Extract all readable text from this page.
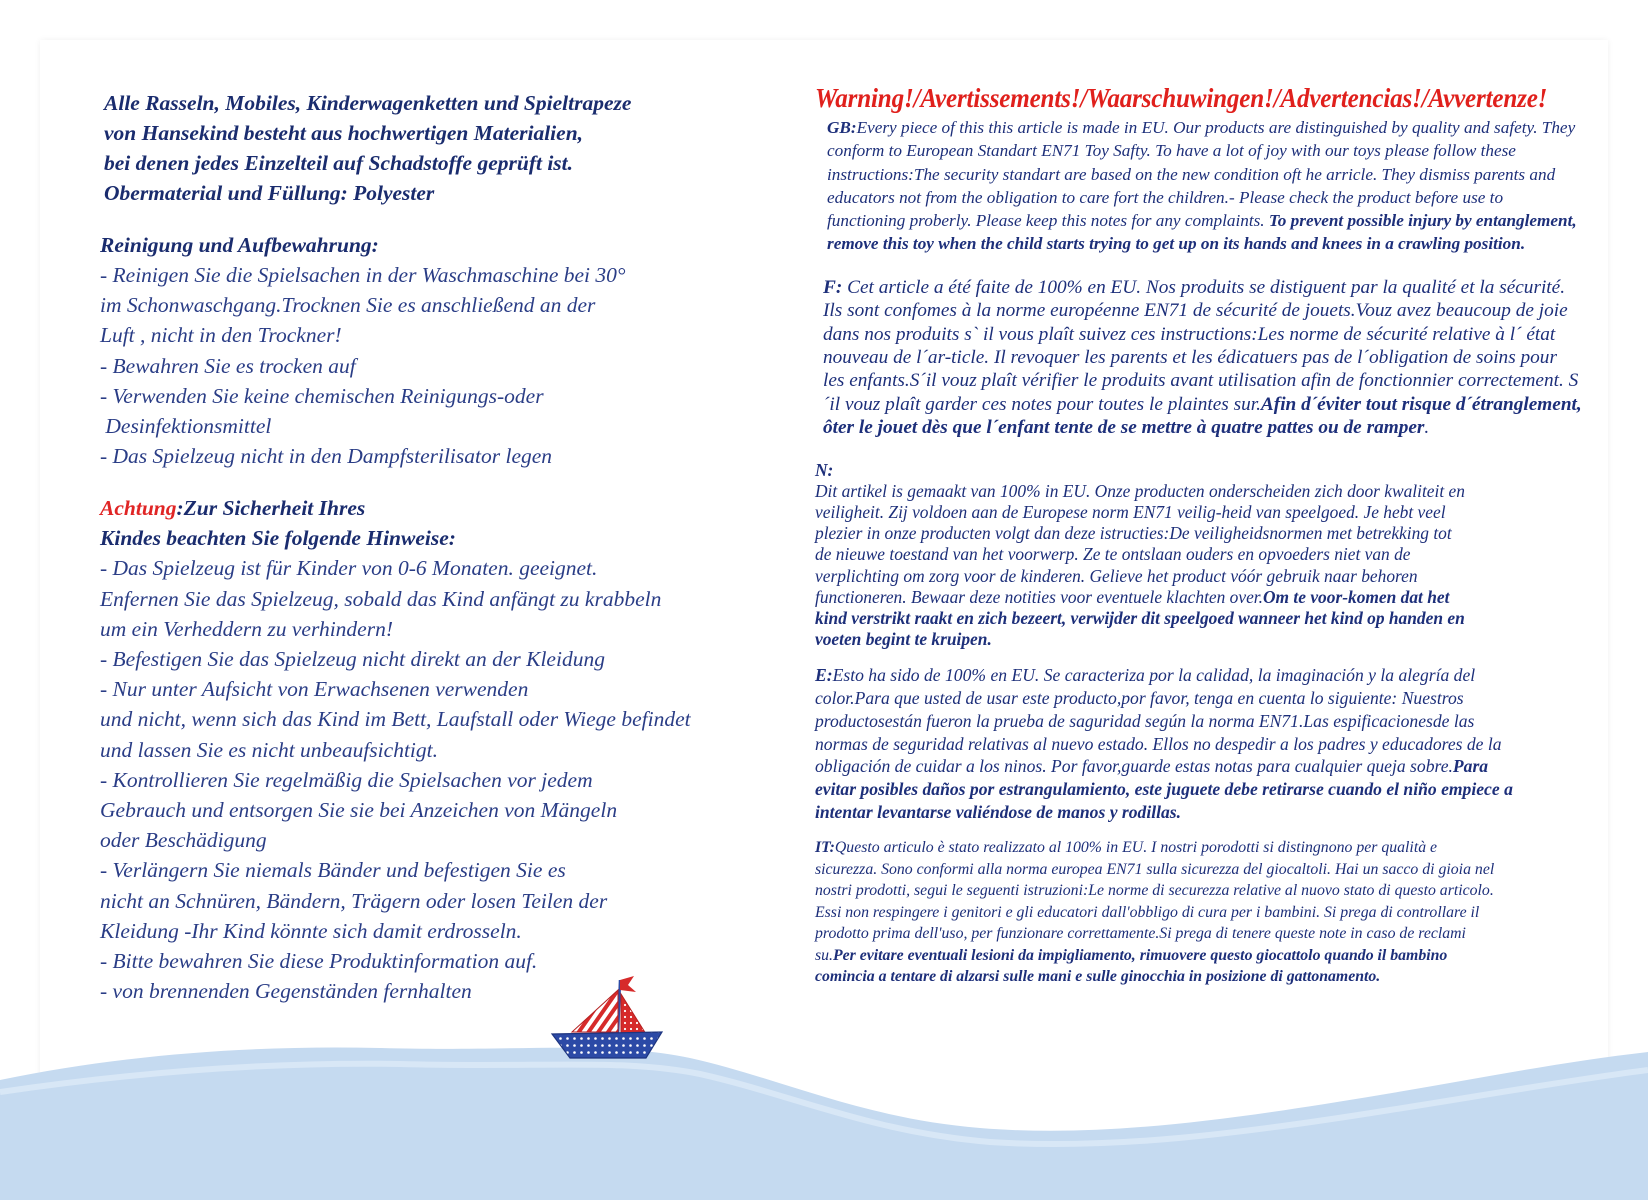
Alle Rasseln, Mobiles, Kinderwagenketten und Spieltrapeze
von Hansekind besteht aus hochwertigen Materialien,
bei denen jedes Einzelteil auf Schadstoffe geprüft ist.
Obermaterial und Füllung: Polyester

Reinigung und Aufbewahrung:

- Reinigen Sie die Spielsachen in der Waschmaschine bei 30°

im Schonwaschgang.Trocknen Sie es anschließend an der

Luft , nicht in den Trockner!

- Bewahren Sie es trocken auf

- Verwenden Sie keine chemischen Reinigungs-oder

Desinfektionsmittel

- Das Spielzeug nicht in den Dampfsterilisator legen

Achtung:Zur Sicherheit Ihres

Kindes beachten Sie folgende Hinweise:

- Das Spielzeug ist für Kinder von 0-6 Monaten. geeignet.

Enfernen Sie das Spielzeug, sobald das Kind anfängt zu krabbeln

um ein Verheddern zu verhindern!

- Befestigen Sie das Spielzeug nicht direkt an der Kleidung

- Nur unter Aufsicht von Erwachsenen verwenden

und nicht, wenn sich das Kind im Bett, Laufstall oder Wiege befindet

und lassen Sie es nicht unbeaufsichtigt.

- Kontrollieren Sie regelmäßig die Spielsachen vor jedem

Gebrauch und entsorgen Sie sie bei Anzeichen von Mängeln

oder Beschädigung

- Verlängern Sie niemals Bänder und befestigen Sie es

nicht an Schnüren, Bändern, Trägern oder losen Teilen der

Kleidung -Ihr Kind könnte sich damit erdrosseln.

- Bitte bewahren Sie diese Produktinformation auf.

- von brennenden Gegenständen fernhalten

Warning!/Avertissements!/Waarschuwingen!/Advertencias!/Avvertenze!

GB:Every piece of this this article is made in EU. Our products are distinguished by quality and safety. They conform to European Standart EN71 Toy Safty. To have a lot of joy with our toys please follow these instructions:The security standart are based on the new condition oft he arricle. They dismiss parents and educators not from the obligation to care fort the children.- Please check the product before use to functioning proberly. Please keep this notes for any complaints. To prevent possible injury by entanglement, remove this toy when the child starts trying to get up on its hands and knees in a crawling position.

F: Cet article a été faite de 100% en EU. Nos produits se distiguent par la qualité et la sécurité. Ils sont confomes à la norme européenne EN71 de sécurité de jouets.Vouz avez beaucoup de joie dans nos produits s` il vous plaît suivez ces instructions:Les norme de sécurité relative à l´ état nouveau de l´ar-ticle. Il revoquer les parents et les édicatuers pas de l´obligation de soins pour les enfants.S´il vouz plaît vérifier le produits avant utilisation afin de fonctionnier correctement. S´il vouz plaît garder ces notes pour toutes le plaintes sur.Afin d´éviter tout risque d´étranglement, ôter le jouet dès que l´enfant tente de se mettre à quatre pattes ou de ramper.

N:
Dit artikel is gemaakt van 100% in EU. Onze producten onderscheiden zich door kwaliteit en veiligheit. Zij voldoen aan de Europese norm EN71 veilig-heid van speelgoed. Je hebt veel plezier in onze producten volgt dan deze istructies:De veiligheidsnormen met betrekking tot de nieuwe toestand van het voorwerp. Ze te ontslaan ouders en opvoeders niet van de verplichting om zorg voor de kinderen. Gelieve het product vóór gebruik naar behoren functioneren. Bewaar deze notities voor eventuele klachten over.Om te voor-komen dat het kind verstrikt raakt en zich bezeert, verwijder dit speelgoed wanneer het kind op handen en voeten begint te kruipen.

E:Esto ha sido de 100% en EU. Se caracteriza por la calidad, la imaginación y la alegría del color.Para que usted de usar este producto,por favor, tenga en cuenta lo siguiente: Nuestros productosestán fueron la prueba de saguridad según la norma EN71.Las espificacionesde las normas de seguridad relativas al nuevo estado. Ellos no despedir a los padres y educadores de la obligación de cuidar a los ninos. Por favor,guarde estas notas para cualquier queja sobre.Para evitar posibles daños por estrangulamiento, este juguete debe retirarse cuando el niño empiece a intentar levantarse valiéndose de manos y rodillas.

IT:Questo articulo è stato realizzato al 100% in EU. I nostri porodotti si distingnono per qualità e sicurezza. Sono conformi alla norma europea EN71 sulla sicurezza del giocaltoli. Hai un sacco di gioia nel nostri prodotti, segui le seguenti istruzioni:Le norme di securezza relative al nuovo stato di questo articolo. Essi non respingere i genitori e gli educatori dall'obbligo di cura per i bambini. Si prega di controllare il prodotto prima dell'uso, per funzionare correttamente.Si prega di tenere queste note in caso de reclami su.Per evitare eventuali lesioni da impigliamento, rimuovere questo giocattolo quando il bambino comincia a tentare di alzarsi sulle mani e sulle ginocchia in posizione di gattonamento.
